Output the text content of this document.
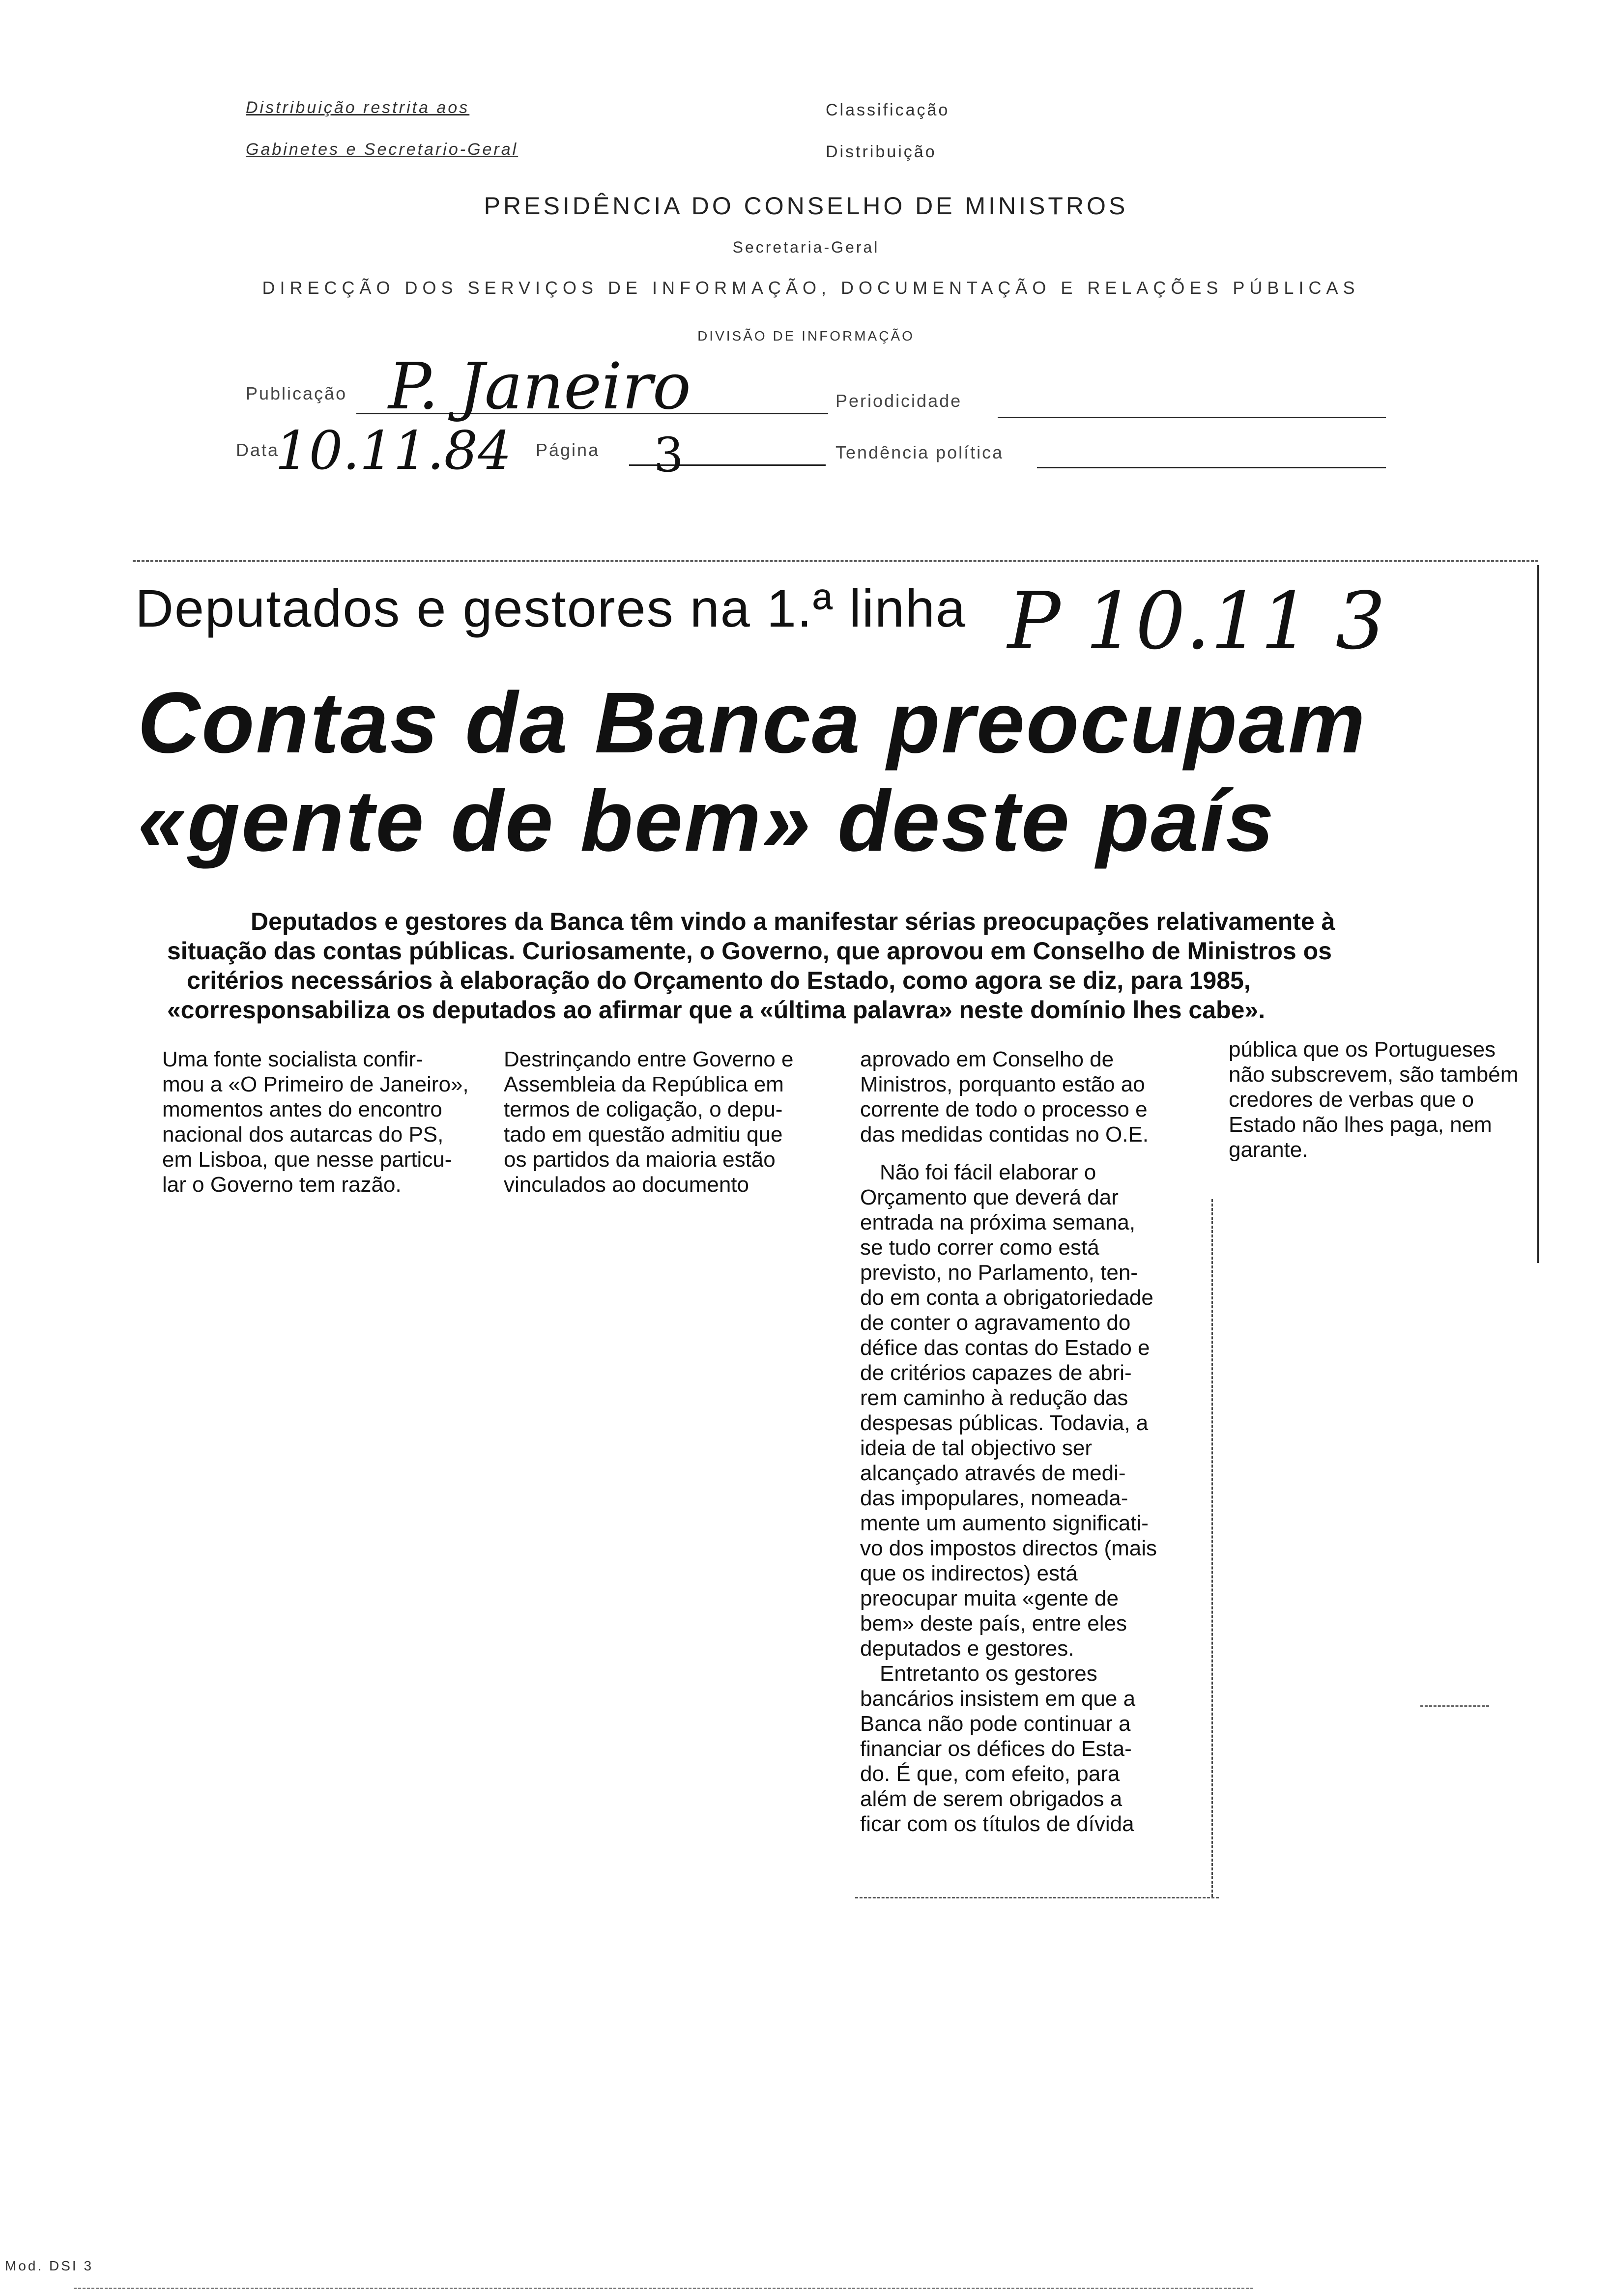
Distribuição restrita aos
Gabinetes e Secretario-Geral
Classificação
Distribuição
PRESIDÊNCIA DO CONSELHO DE MINISTROS
Secretaria-Geral
DIRECÇÃO DOS SERVIÇOS DE INFORMAÇÃO, DOCUMENTAÇÃO E RELAÇÕES PÚBLICAS
DIVISÃO DE INFORMAÇÃO
Publicação P. Janeiro	Periodicidade
Data
10.11.84 Página 3	Tendência política
Deputados e gestores na 1.ª linha P 10.11 3
Contas da Banca preocupam
«gente de bem» deste país
Deputados e gestores da Banca têm vindo a manifestar sérias preocupações relativamente à
situação das contas públicas. Curiosamente, o Governo, que aprovou em Conselho de Ministros os
critérios necessários à elaboração do Orçamento do Estado, como agora se diz, para 1985,
«corresponsabiliza os deputados ao afirmar que a «última palavra» neste domínio lhes cabe».
Uma fonte socialista confir-
mou a «O Primeiro de Janeiro»,
momentos antes do encontro
nacional dos autarcas do PS,
em Lisboa, que nesse particu-
lar o Governo tem razão.
Destrinçando entre Governo e
Assembleia da República em
termos de coligação, o depu-
tado em questão admitiu que
os partidos da maioria estão
vinculados ao documento
aprovado em Conselho de
Ministros, porquanto estão ao
corrente de todo o processo e
das medidas contidas no O.E.
Não foi fácil elaborar o
Orçamento que deverá dar
entrada na próxima semana,
se tudo correr como está
previsto, no Parlamento, ten-
do em conta a obrigatoriedade
de conter o agravamento do
défice das contas do Estado e
de critérios capazes de abri-
rem caminho à redução das
despesas públicas. Todavia, a
ideia de tal objectivo ser
alcançado através de medi-
das impopulares, nomeada-
mente um aumento significati-
vo dos impostos directos (mais
que os indirectos) está
preocupar muita «gente de
bem» deste país, entre eles
deputados e gestores.
Entretanto os gestores
bancários insistem em que a
Banca não pode continuar a
financiar os défices do Esta-
do. É que, com efeito, para
além de serem obrigados a
ficar com os títulos de dívida
pública que os Portugueses
não subscrevem, são também
credores de verbas que o
Estado não lhes paga, nem
garante.
Mod. DSI 3
